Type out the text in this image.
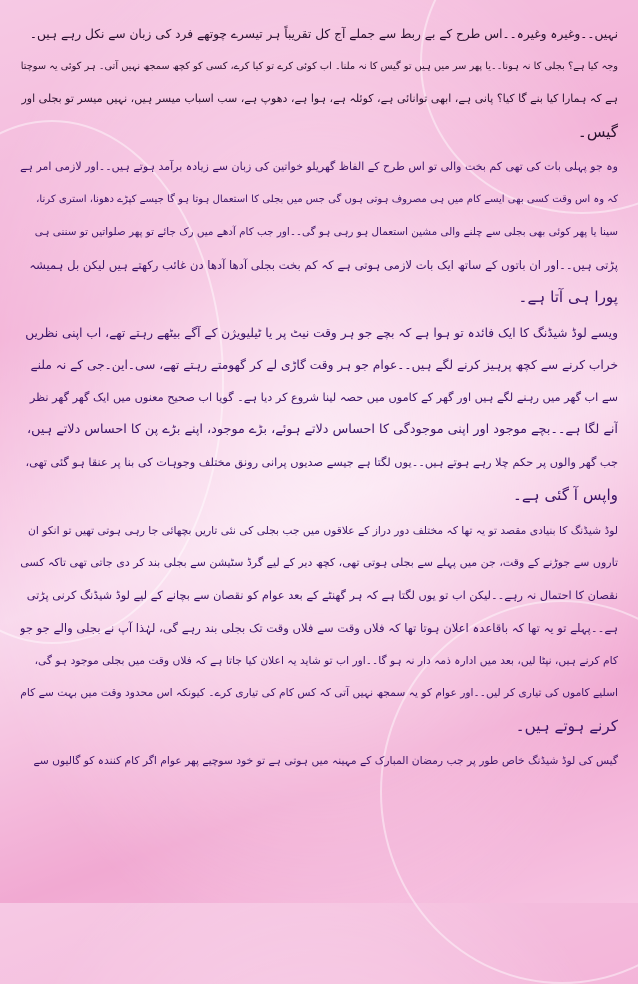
نہیں۔۔وغیرہ وغیرہ۔۔اس طرح کے بے ربط سے جملے آج کل تقریباً ہر تیسرے چوتھے فرد کی زبان سے نکل رہے ہیں۔
وجہ کیا ہے؟ بجلی کا نہ ہونا۔۔یا پھر سر میں ہیں تو گیس کا نہ ملنا۔ اب کوئی کرے تو کیا کرے، کسی کو کچھ سمجھ نہیں آتی۔ ہر کوئی یہ سوچتا
ہے کہ ہمارا کیا بنے گا کیا؟ پانی ہے، ابھی توانائی ہے، کوئلہ ہے، ہوا ہے، دھوپ ہے، سب اسباب میسر ہیں، نہیں میسر تو بجلی اور
گیس۔

وہ جو پہلی بات کی تھی کم بخت والی تو اس طرح کے الفاظ گھریلو خواتین کی زبان سے زیادہ برآمد ہوتے ہیں۔۔اور لازمی امر ہے
کہ وہ اس وقت کسی بھی ایسے کام میں ہی مصروف ہوتی ہوں گی جس میں بجلی کا استعمال ہوتا ہو گا جیسے کپڑے دھونا، استری کرنا،
سینا یا پھر کوئی بھی بجلی سے چلنے والی مشین استعمال ہو رہی ہو گی۔۔اور جب کام آدھے میں رک جائے تو پھر صلواتیں تو سننی ہی
پڑتی ہیں۔۔اور ان باتوں کے ساتھ ایک بات لازمی ہوتی ہے کہ کم بخت بجلی آدھا آدھا دن غائب رکھتے ہیں لیکن بل ہمیشہ
پورا ہی آتا ہے۔

ویسے لوڈ شیڈنگ کا ایک فائدہ تو ہوا ہے کہ بچے جو ہر وقت نیٹ پر یا ٹیلیویژن کے آگے بیٹھے رہتے تھے، اب اپنی نظریں
خراب کرنے سے کچھ پرہیز کرنے لگے ہیں۔۔عوام جو ہر وقت گاڑی لے کر گھومتے رہتے تھے، سی۔این۔جی کے نہ ملنے
سے اب گھر میں رہنے لگے ہیں اور گھر کے کاموں میں حصہ لینا شروع کر دیا ہے۔ گویا اب صحیح معنوں میں ایک گھر گھر نظر
آنے لگا ہے۔۔بچے موجود اور اپنی موجودگی کا احساس دلاتے ہوئے، بڑے موجود، اپنے بڑے پن کا احساس دلاتے ہیں،
جب گھر والوں پر حکم چلا رہے ہوتے ہیں۔۔یوں لگتا ہے جیسے صدیوں پرانی رونق مختلف وجوہات کی بنا پر عنقا ہو گئی تھی،
واپس آ گئی ہے۔

لوڈ شیڈنگ کا بنیادی مقصد تو یہ تھا کہ مختلف دور دراز کے علاقوں میں جب بجلی کی نئی تاریں بچھائی جا رہی ہوتی تھیں تو انکو ان
تاروں سے جوڑنے کے وقت، جن میں پہلے سے بجلی ہوتی تھی، کچھ دیر کے لیے گرڈ سٹیشن سے بجلی بند کر دی جاتی تھی تاکہ کسی
نقصان کا احتمال نہ رہے۔۔لیکن اب تو یوں لگتا ہے کہ ہر گھنٹے کے بعد عوام کو نقصان سے بچانے کے لیے لوڈ شیڈنگ کرنی پڑتی
ہے۔۔پہلے تو یہ تھا کہ باقاعدہ اعلان ہوتا تھا کہ فلاں وقت سے فلاں وقت تک بجلی بند رہے گی، لہٰذا آپ نے بجلی والے جو جو
کام کرنے ہیں، نپٹا لیں، بعد میں ادارہ ذمہ دار نہ ہو گا۔۔اور اب تو شاید یہ اعلان کیا جاتا ہے کہ فلاں وقت میں بجلی موجود ہو گی،
اسلیے کاموں کی تیاری کر لیں۔۔اور عوام کو یہ سمجھ نہیں آتی کہ کس کام کی تیاری کرے۔ کیونکہ اس محدود وقت میں بہت سے کام
کرنے ہوتے ہیں۔

گیس کی لوڈ شیڈنگ خاص طور پر جب رمضان المبارک کے مہینہ میں ہوتی ہے تو خود سوچیے پھر عوام اگر کام کنندہ کو گالیوں سے
